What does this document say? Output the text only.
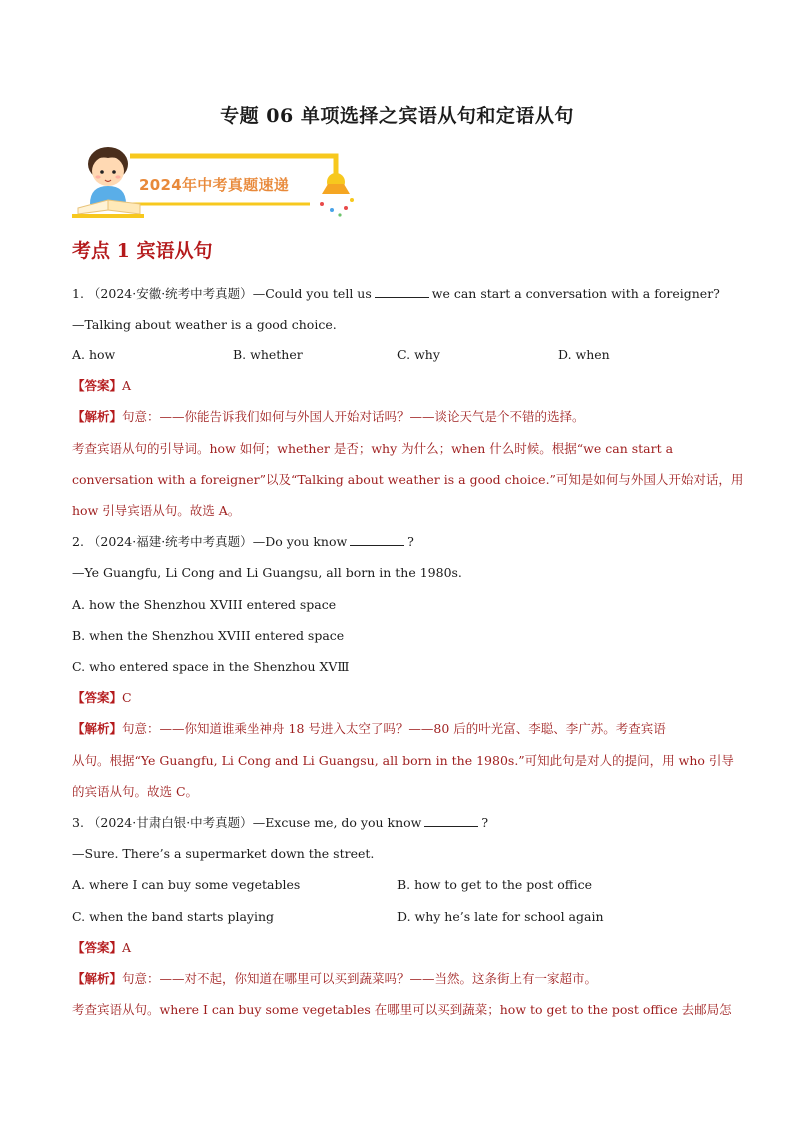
专题 06 单项选择之宾语从句和定语从句
2024年中考真题速递
考点 1 宾语从句
1. （2024·安徽·统考中考真题）—Could you tell us	we can start a conversation with a foreigner?
—Talking about weather is a good choice.
A. how	B. whether	C. why	D. when
【答案】A
【解析】句意：——你能告诉我们如何与外国人开始对话吗？——谈论天气是个不错的选择。
考查宾语从句的引导词。how 如何；whether 是否；why 为什么；when 什么时候。根据“we can start a
conversation with a foreigner”以及“Talking about weather is a good choice.”可知是如何与外国人开始对话，用
how 引导宾语从句。故选 A。
2. （2024·福建·统考中考真题）—Do you know	?
—Ye Guangfu, Li Cong and Li Guangsu, all born in the 1980s.
A. how the Shenzhou XVIII entered space
B. when the Shenzhou XVIII entered space
C. who entered space in the Shenzhou XVⅢ
【答案】C
【解析】句意：——你知道谁乘坐神舟 18 号进入太空了吗？——80 后的叶光富、李聪、李广苏。考查宾语
从句。根据“Ye Guangfu, Li Cong and Li Guangsu, all born in the 1980s.”可知此句是对人的提问，用 who 引导
的宾语从句。故选 C。
3. （2024·甘肃白银·中考真题）—Excuse me, do you know	?
—Sure. There’s a supermarket down the street.
A. where I can buy some vegetables	B. how to get to the post office
C. when the band starts playing	D. why he’s late for school again
【答案】A
【解析】句意：——对不起，你知道在哪里可以买到蔬菜吗？——当然。这条街上有一家超市。
考查宾语从句。where I can buy some vegetables 在哪里可以买到蔬菜；how to get to the post office 去邮局怎
